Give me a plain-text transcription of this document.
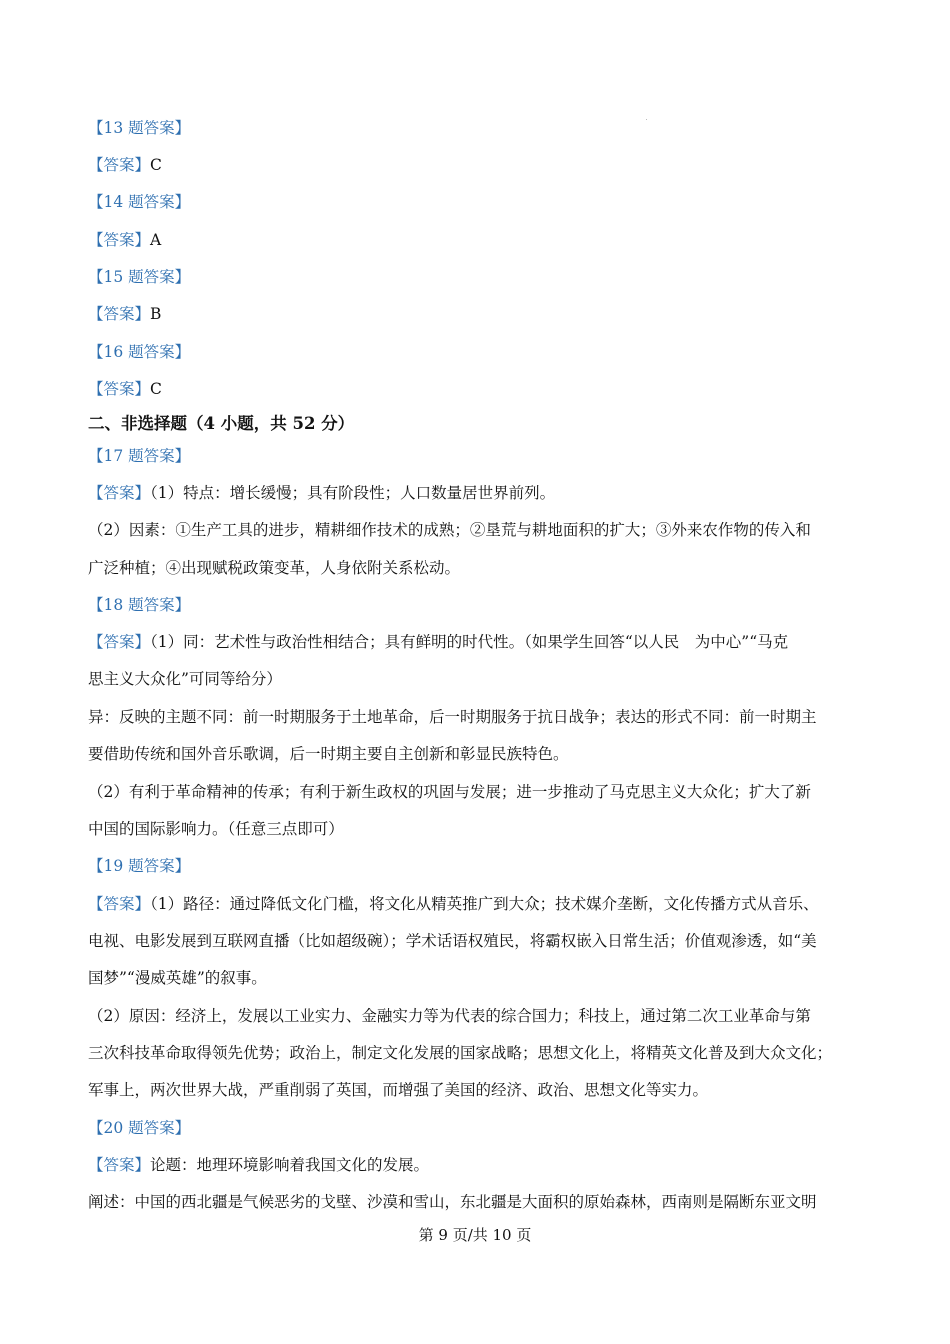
【13 题答案】
【答案】C
【14 题答案】
【答案】A
【15 题答案】
【答案】B
【16 题答案】
【答案】C
二、非选择题（4 小题，共 52 分）
【17 题答案】
【答案】（1）特点：增长缓慢；具有阶段性；人口数量居世界前列。
（2）因素：①生产工具的进步，精耕细作技术的成熟；②垦荒与耕地面积的扩大；③外来农作物的传入和
广泛种植；④出现赋税政策变革，人身依附关系松动。
【18 题答案】
【答案】（1）同：艺术性与政治性相结合；具有鲜明的时代性。（如果学生回答“以人民　为中心”“马克
思主义大众化”可同等给分）
异：反映的主题不同：前一时期服务于土地革命，后一时期服务于抗日战争；表达的形式不同：前一时期主
要借助传统和国外音乐歌调，后一时期主要自主创新和彰显民族特色。
（2）有利于革命精神的传承；有利于新生政权的巩固与发展；进一步推动了马克思主义大众化；扩大了新
中国的国际影响力。（任意三点即可）
【19 题答案】
【答案】（1）路径：通过降低文化门槛，将文化从精英推广到大众；技术媒介垄断，文化传播方式从音乐、
电视、电影发展到互联网直播（比如超级碗）；学术话语权殖民，将霸权嵌入日常生活；价值观渗透，如“美
国梦”“漫威英雄”的叙事。
（2）原因：经济上，发展以工业实力、金融实力等为代表的综合国力；科技上，通过第二次工业革命与第
三次科技革命取得领先优势；政治上，制定文化发展的国家战略；思想文化上，将精英文化普及到大众文化；
军事上，两次世界大战，严重削弱了英国，而增强了美国的经济、政治、思想文化等实力。
【20 题答案】
【答案】论题：地理环境影响着我国文化的发展。
阐述：中国的西北疆是气候恶劣的戈壁、沙漠和雪山，东北疆是大面积的原始森林，西南则是隔断东亚文明
第 9 页/共 10 页
